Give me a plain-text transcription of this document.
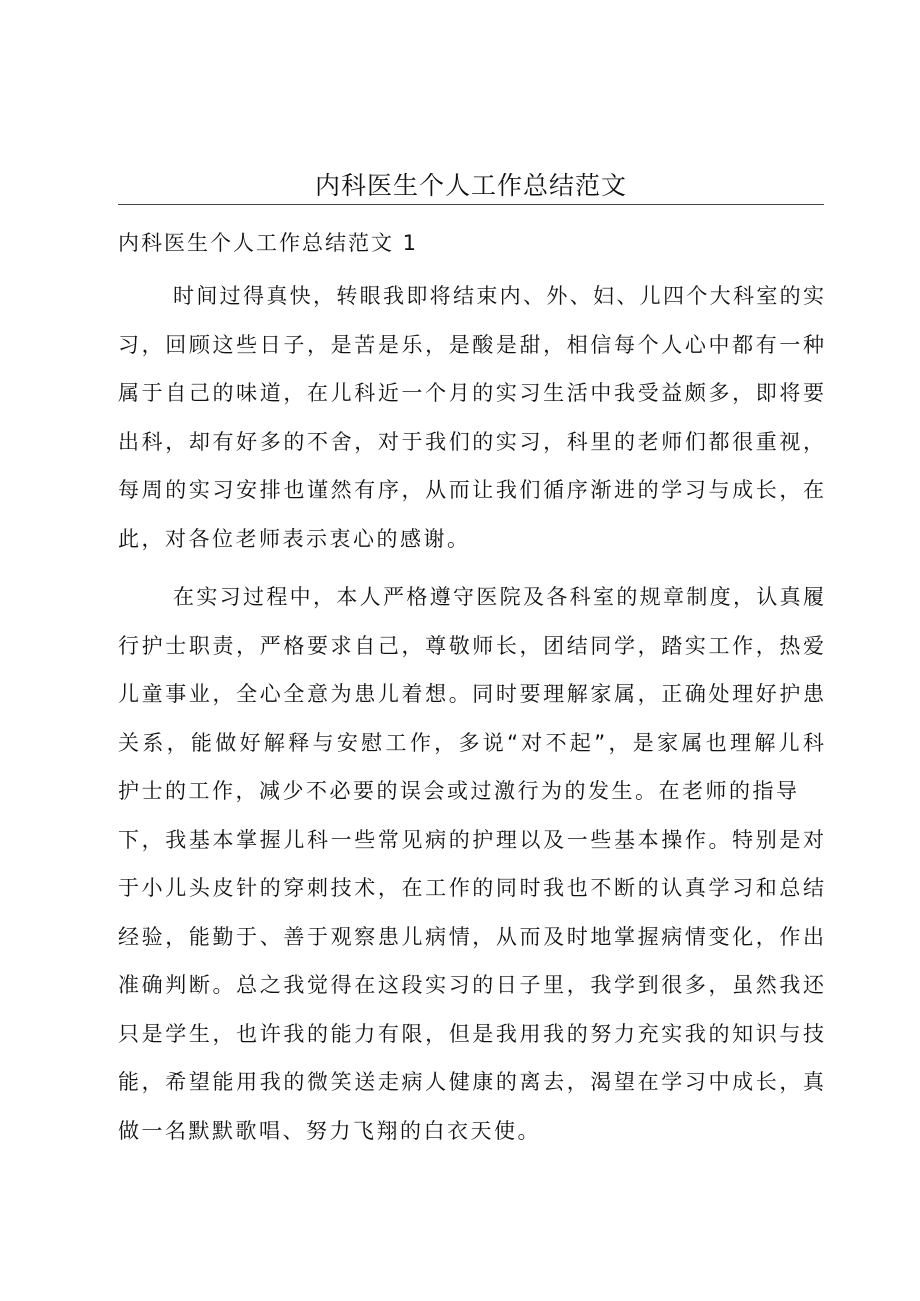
内科医生个人工作总结范文
内科医生个人工作总结范文 1
时间过得真快，转眼我即将结束内、外、妇、儿四个大科室的实
习，回顾这些日子，是苦是乐，是酸是甜，相信每个人心中都有一种
属于自己的味道，在儿科近一个月的实习生活中我受益颇多，即将要
出科，却有好多的不舍，对于我们的实习，科里的老师们都很重视，
每周的实习安排也谨然有序，从而让我们循序渐进的学习与成长，在
此，对各位老师表示衷心的感谢。
在实习过程中，本人严格遵守医院及各科室的规章制度，认真履
行护士职责，严格要求自己，尊敬师长，团结同学，踏实工作，热爱
儿童事业，全心全意为患儿着想。同时要理解家属，正确处理好护患
关系，能做好解释与安慰工作，多说“对不起”，是家属也理解儿科
护士的工作，减少不必要的误会或过激行为的发生。在老师的指导
下，我基本掌握儿科一些常见病的护理以及一些基本操作。特别是对
于小儿头皮针的穿刺技术，在工作的同时我也不断的认真学习和总结
经验，能勤于、善于观察患儿病情，从而及时地掌握病情变化，作出
准确判断。总之我觉得在这段实习的日子里，我学到很多，虽然我还
只是学生，也许我的能力有限，但是我用我的努力充实我的知识与技
能，希望能用我的微笑送走病人健康的离去，渴望在学习中成长，真
做一名默默歌唱、努力飞翔的白衣天使。
